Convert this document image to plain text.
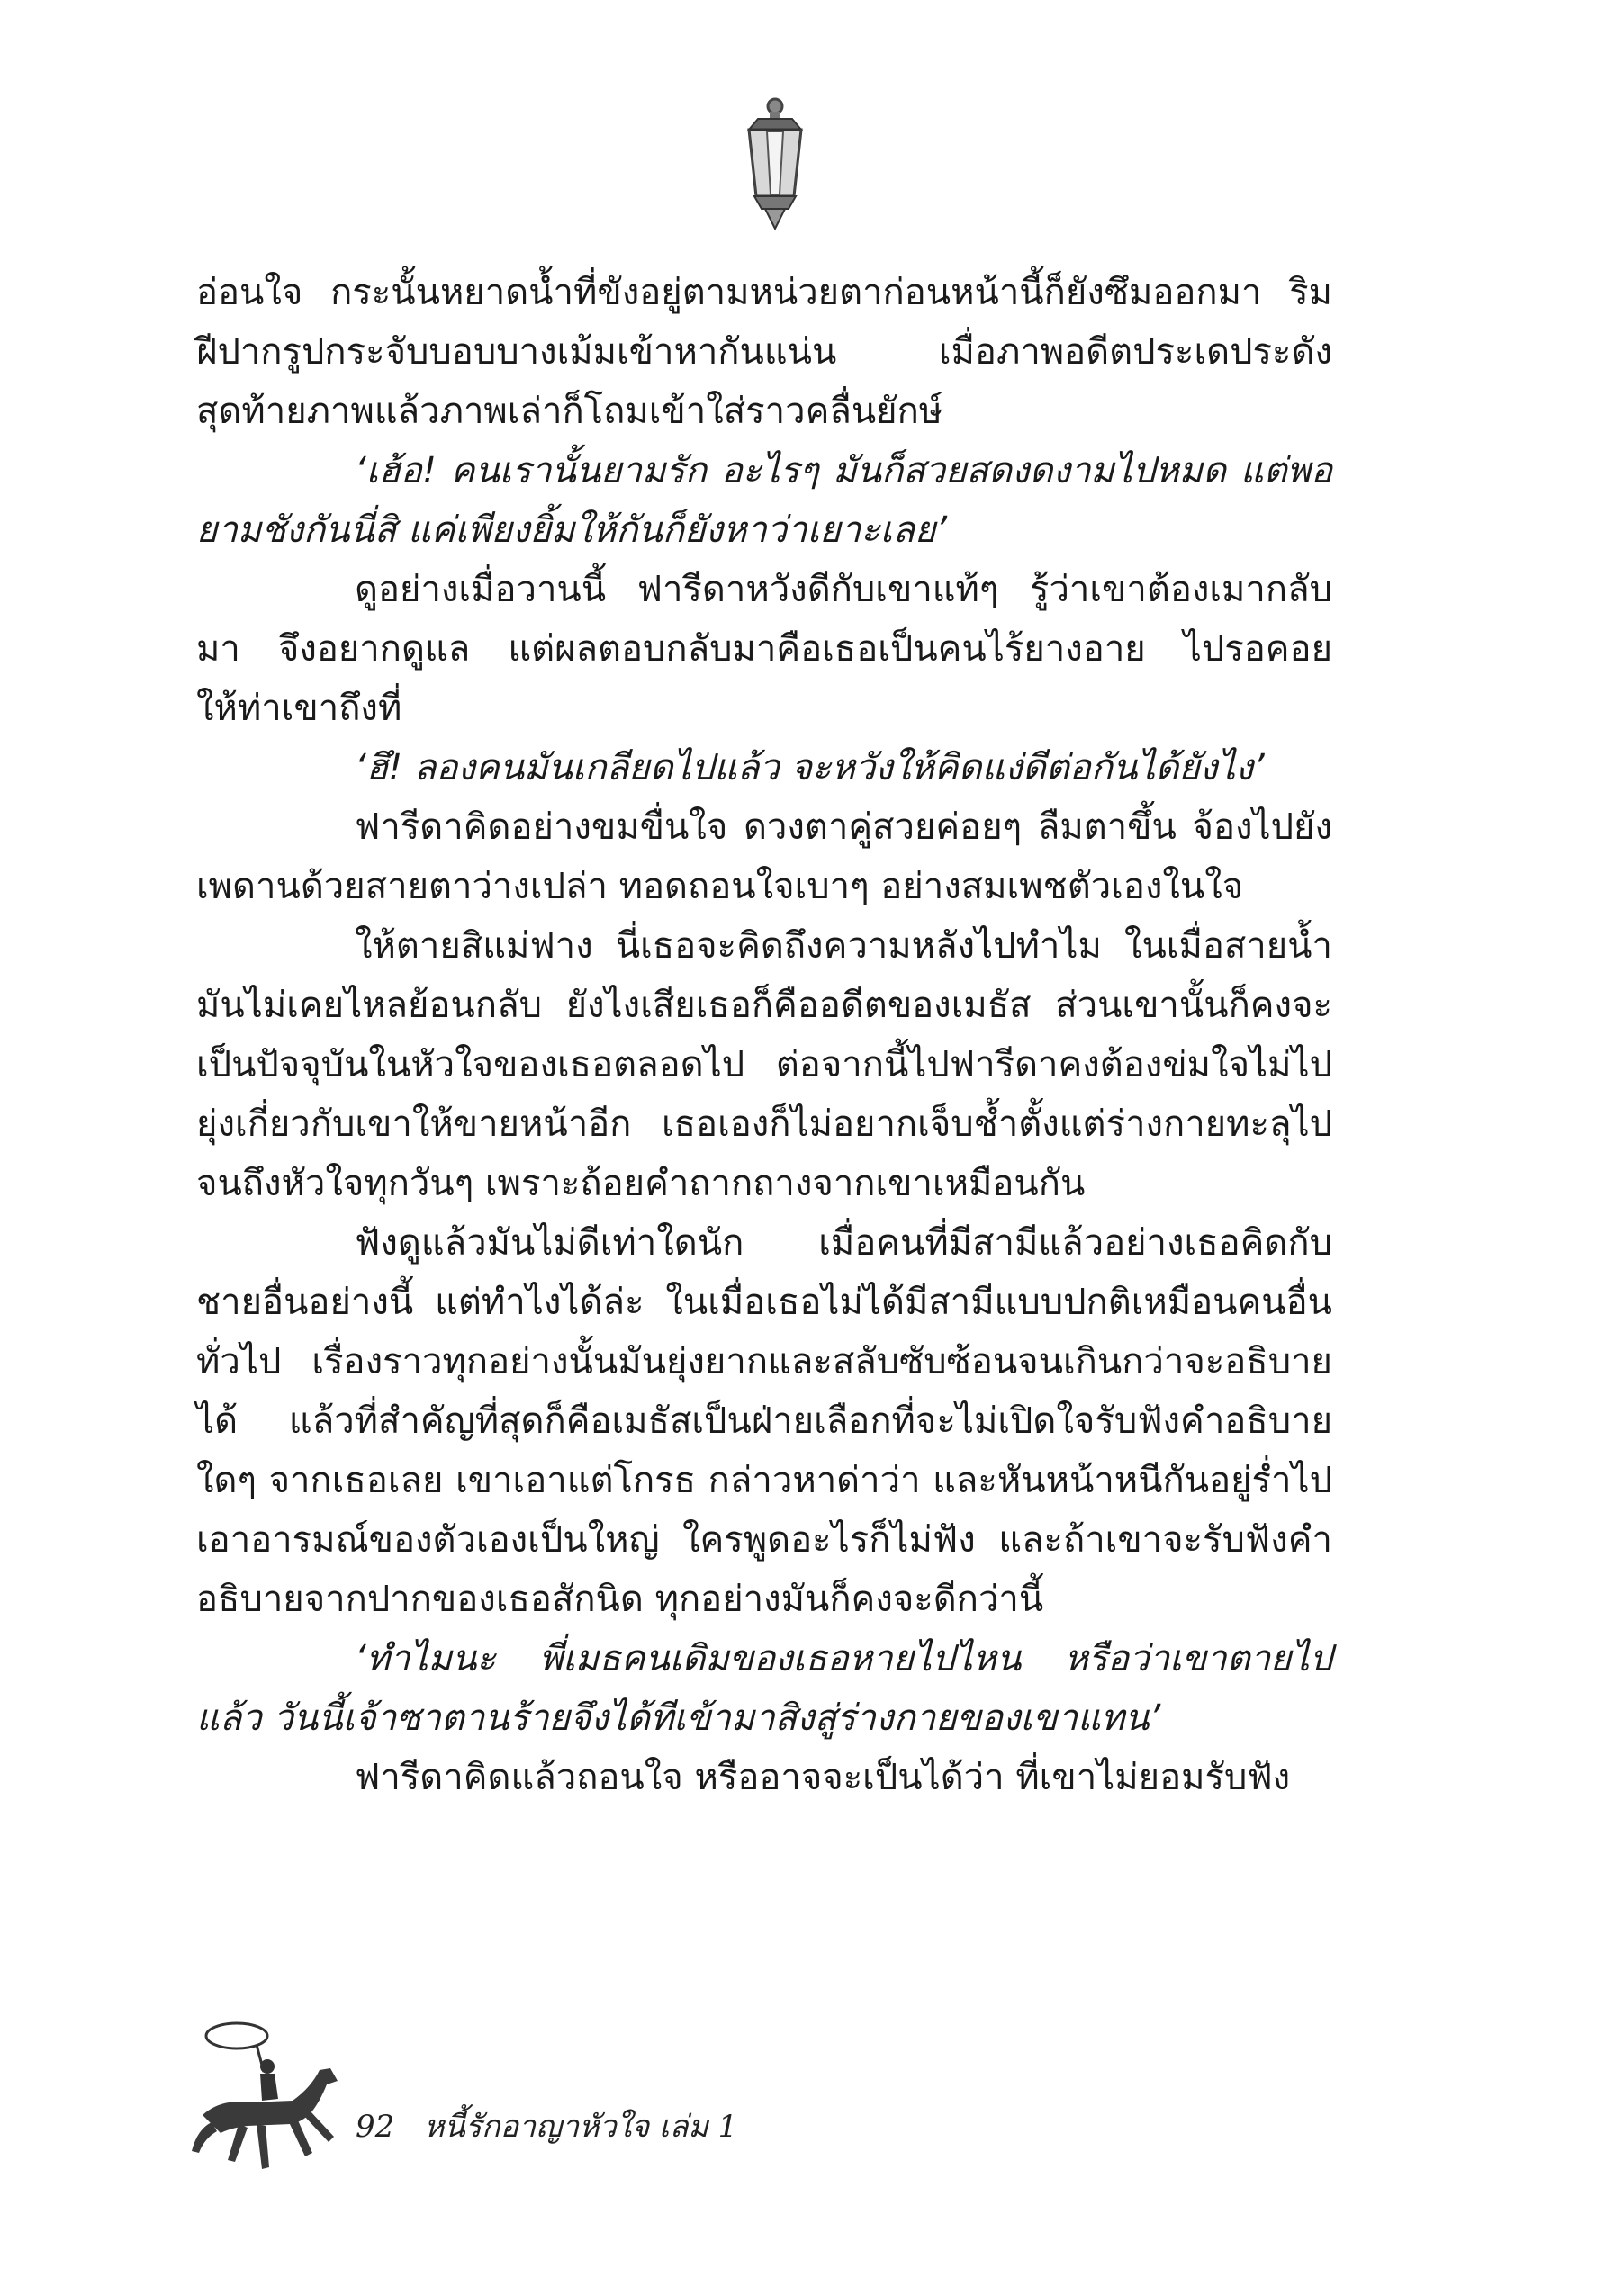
อ่อนใจ กระนั้นหยาดน้ำที่ขังอยู่ตามหน่วยตาก่อนหน้านี้ก็ยังซึมออกมา ริมฝีปากรูปกระจับบอบบางเม้มเข้าหากันแน่น เมื่อภาพอดีตประเดประดังสุดท้ายภาพแล้วภาพเล่าก็โถมเข้าใส่ราวคลื่นยักษ์

‘เฮ้อ! คนเรานั้นยามรัก อะไรๆ มันก็สวยสดงดงามไปหมด แต่พอยามชังกันนี่สิ แค่เพียงยิ้มให้กันก็ยังหาว่าเยาะเลย’

ดูอย่างเมื่อวานนี้ ฟารีดาหวังดีกับเขาแท้ๆ รู้ว่าเขาต้องเมากลับมา จึงอยากดูแล แต่ผลตอบกลับมาคือเธอเป็นคนไร้ยางอาย ไปรอคอยให้ท่าเขาถึงที่

‘ฮึ! ลองคนมันเกลียดไปแล้ว จะหวังให้คิดแง่ดีต่อกันได้ยังไง’

ฟารีดาคิดอย่างขมขื่นใจ ดวงตาคู่สวยค่อยๆ ลืมตาขึ้น จ้องไปยังเพดานด้วยสายตาว่างเปล่า ทอดถอนใจเบาๆ อย่างสมเพชตัวเองในใจ

ให้ตายสิแม่ฟาง นี่เธอจะคิดถึงความหลังไปทำไม ในเมื่อสายน้ำมันไม่เคยไหลย้อนกลับ ยังไงเสียเธอก็คืออดีตของเมธัส ส่วนเขานั้นก็คงจะเป็นปัจจุบันในหัวใจของเธอตลอดไป ต่อจากนี้ไปฟารีดาคงต้องข่มใจไม่ไปยุ่งเกี่ยวกับเขาให้ขายหน้าอีก เธอเองก็ไม่อยากเจ็บช้ำตั้งแต่ร่างกายทะลุไปจนถึงหัวใจทุกวันๆ เพราะถ้อยคำถากถางจากเขาเหมือนกัน

ฟังดูแล้วมันไม่ดีเท่าใดนัก เมื่อคนที่มีสามีแล้วอย่างเธอคิดกับชายอื่นอย่างนี้ แต่ทำไงได้ล่ะ ในเมื่อเธอไม่ได้มีสามีแบบปกติเหมือนคนอื่นทั่วไป เรื่องราวทุกอย่างนั้นมันยุ่งยากและสลับซับซ้อนจนเกินกว่าจะอธิบายได้ แล้วที่สำคัญที่สุดก็คือเมธัสเป็นฝ่ายเลือกที่จะไม่เปิดใจรับฟังคำอธิบายใดๆ จากเธอเลย เขาเอาแต่โกรธ กล่าวหาด่าว่า และหันหน้าหนีกันอยู่ร่ำไป เอาอารมณ์ของตัวเองเป็นใหญ่ ใครพูดอะไรก็ไม่ฟัง และถ้าเขาจะรับฟังคำอธิบายจากปากของเธอสักนิด ทุกอย่างมันก็คงจะดีกว่านี้

‘ทำไมนะ พี่เมธคนเดิมของเธอหายไปไหน หรือว่าเขาตายไปแล้ว วันนี้เจ้าซาตานร้ายจึงได้ทีเข้ามาสิงสู่ร่างกายของเขาแทน’

ฟารีดาคิดแล้วถอนใจ หรืออาจจะเป็นได้ว่า ที่เขาไม่ยอมรับฟัง

92 หนี้รักอาญาหัวใจ เล่ม 1
